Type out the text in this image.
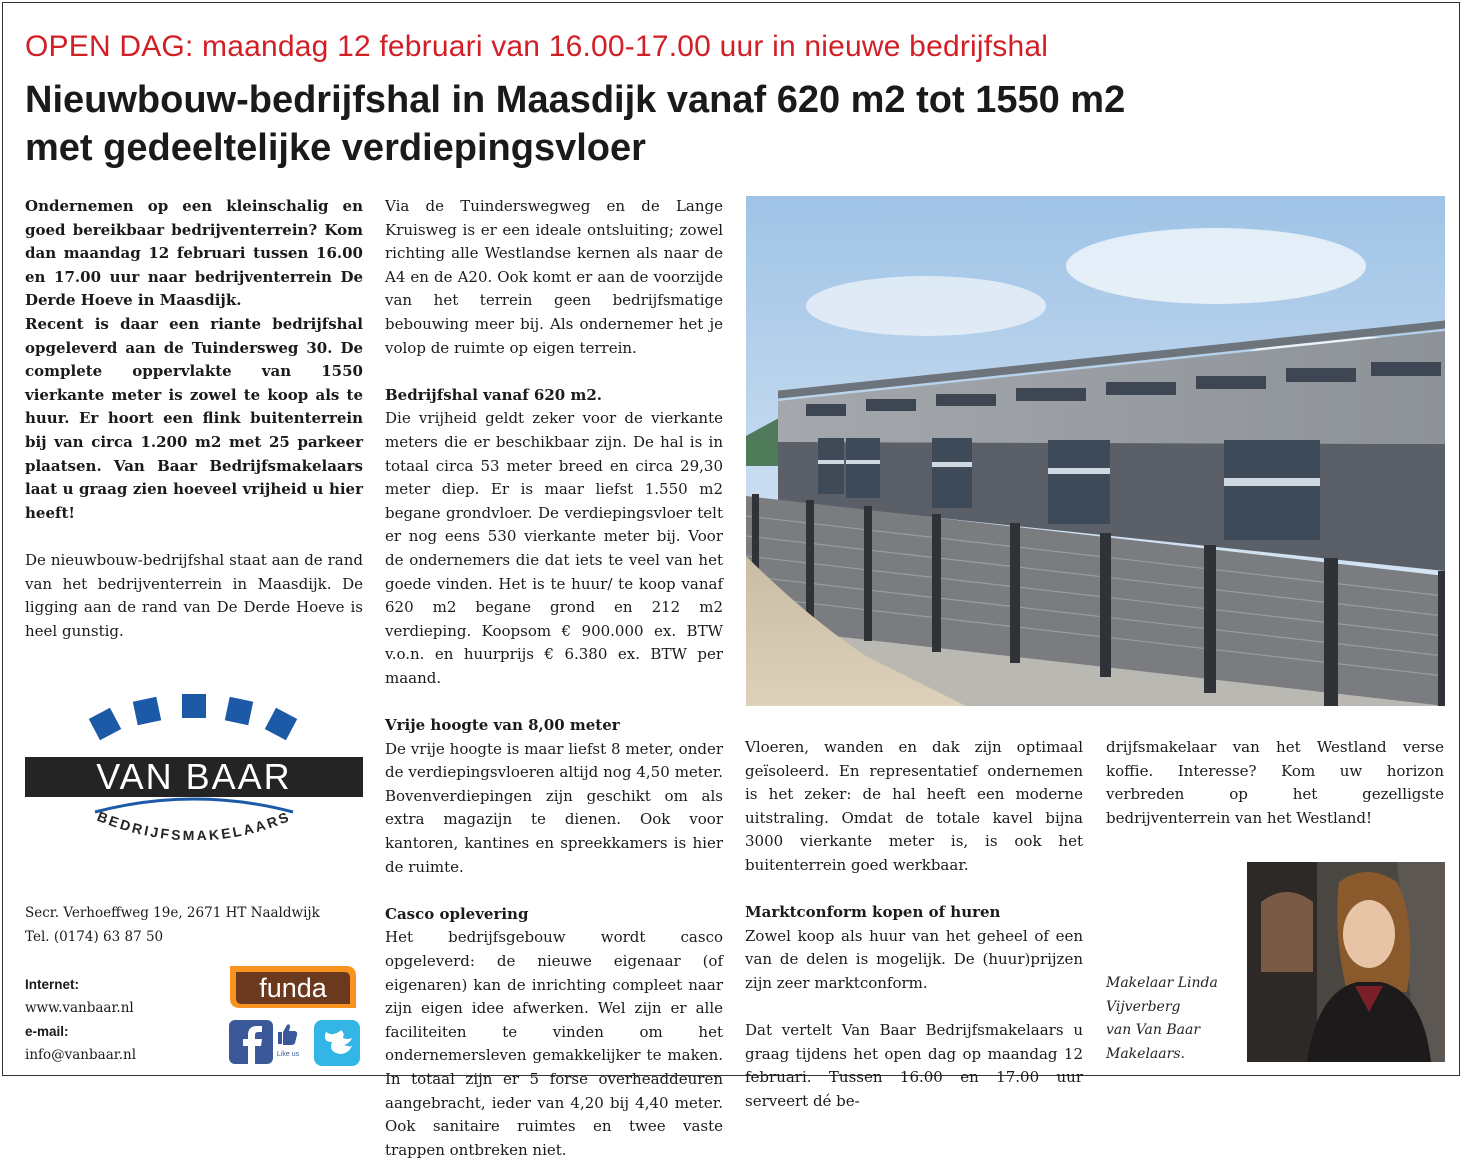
OPEN DAG: maandag 12 februari van 16.00-17.00 uur in nieuwe bedrijfshal
Nieuwbouw-bedrijfshal in Maasdijk vanaf 620 m2 tot 1550 m2
met gedeeltelijke verdiepingsvloer

Ondernemen op een kleinschalig en goed bereikbaar bedrijventerrein? Kom dan maandag 12 februari tussen 16.00 en 17.00 uur naar bedrijventerrein De Derde Hoeve in Maasdijk.

Recent is daar een riante bedrijfshal opgeleverd aan de Tuindersweg 30. De complete oppervlakte van 1550 vierkante meter is zowel te koop als te huur. Er hoort een flink buitenterrein bij van circa 1.200 m2 met 25 parkeer plaatsen. Van Baar Bedrijfsmakelaars laat u graag zien hoeveel vrijheid u hier heeft!

De nieuwbouw-bedrijfshal staat aan de rand van het bedrijventerrein in Maasdijk. De ligging aan de rand van De Derde Hoeve is heel gunstig.

VAN BAAR
BEDRIJFSMAKELAARS
Secr. Verhoeffweg 19e, 2671 HT Naaldwijk
Tel. (0174) 63 87 50
Internet:
www.vanbaar.nl
e-mail:
info@vanbaar.nl
funda
Like us

Via de Tuinderswegweg en de Lange Kruisweg is er een ideale ontsluiting; zowel richting alle Westlandse kernen als naar de A4 en de A20. Ook komt er aan de voorzijde van het terrein geen bedrijfsmatige bebouwing meer bij. Als ondernemer het je volop de ruimte op eigen terrein.

Bedrijfshal vanaf 620 m2.

Die vrijheid geldt zeker voor de vierkante meters die er beschikbaar zijn. De hal is in totaal circa 53 meter breed en circa 29,30 meter diep. Er is maar liefst 1.550 m2 begane grondvloer. De verdiepingsvloer telt er nog eens 530 vierkante meter bij. Voor de ondernemers die dat iets te veel van het goede vinden. Het is te huur/ te koop vanaf 620 m2 begane grond en 212 m2 verdieping. Koopsom € 900.000 ex. BTW v.o.n. en huurprijs € 6.380 ex. BTW per maand.

Vrije hoogte van 8,00 meter

De vrije hoogte is maar liefst 8 meter, onder de verdiepingsvloeren altijd nog 4,50 meter. Bovenverdiepingen zijn geschikt om als extra magazijn te dienen. Ook voor kantoren, kantines en spreekkamers is hier de ruimte.

Casco oplevering

Het bedrijfsgebouw wordt casco opgeleverd: de nieuwe eigenaar (of eigenaren) kan de inrichting compleet naar zijn eigen idee afwerken. Wel zijn er alle faciliteiten te vinden om het ondernemersleven gemakkelijker te maken. In totaal zijn er 5 forse overheaddeuren aangebracht, ieder van 4,20 bij 4,40 meter. Ook sanitaire ruimtes en twee vaste trappen ontbreken niet.

Vloeren, wanden en dak zijn optimaal geïsoleerd. En representatief ondernemen is het zeker: de hal heeft een moderne uitstraling. Omdat de totale kavel bijna 3000 vierkante meter is, is ook het buitenterrein goed werkbaar.

Marktconform kopen of huren

Zowel koop als huur van het geheel of een van de delen is mogelijk. De (huur)prijzen zijn zeer marktconform.

Dat vertelt Van Baar Bedrijfsmakelaars u graag tijdens het open dag op maandag 12 februari. Tussen 16.00 en 17.00 uur serveert dé be-

drijfsmakelaar van het Westland verse koffie. Interesse? Kom uw horizon verbreden op het gezelligste bedrijventerrein van het Westland!

Makelaar Linda
Vijverberg
van Van Baar
Makelaars.
